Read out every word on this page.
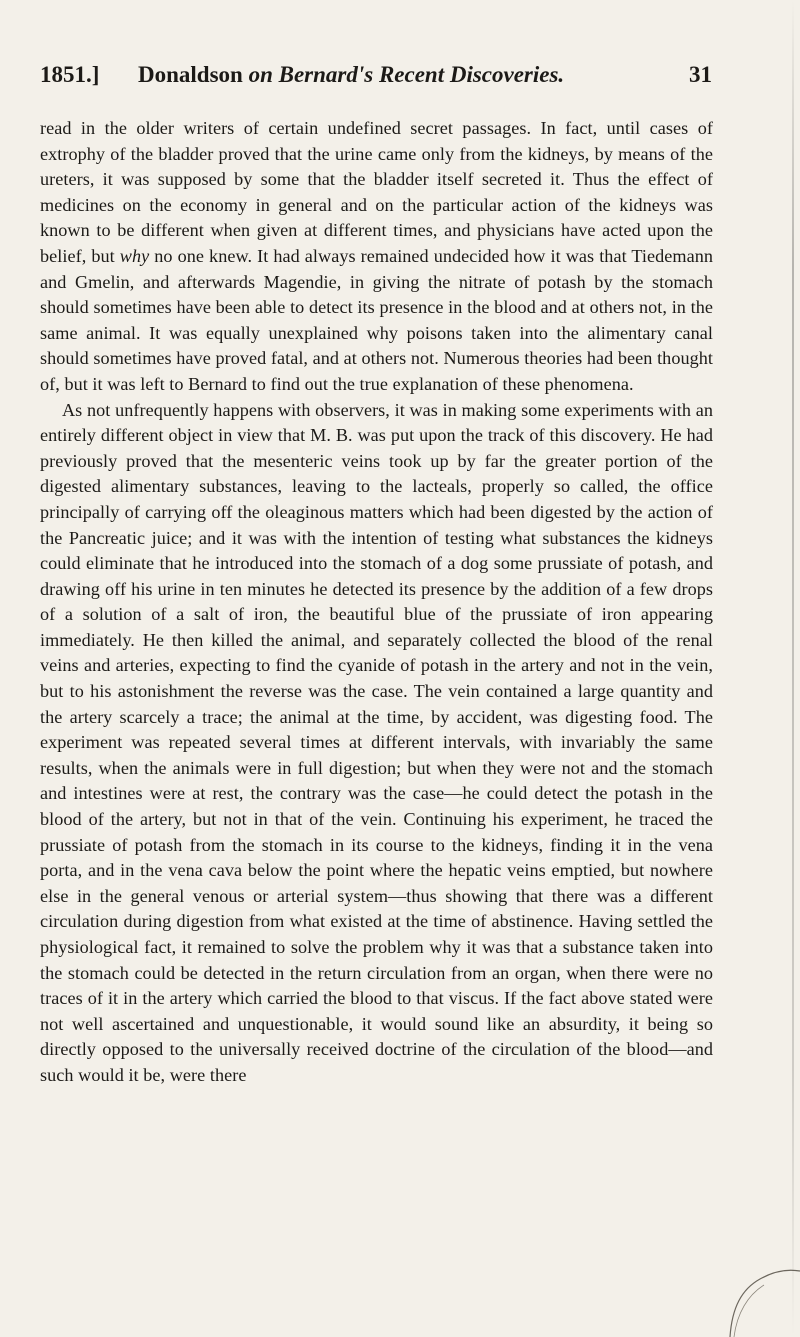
1851.] Donaldson on Bernard's Recent Discoveries.	31

read in the older writers of certain undefined secret passages. In fact, until cases of extrophy of the bladder proved that the urine came only from the kidneys, by means of the ureters, it was supposed by some that the bladder itself secreted it. Thus the effect of medicines on the economy in general and on the particular action of the kidneys was known to be different when given at different times, and physicians have acted upon the belief, but why no one knew. It had always remained undecided how it was that Tiedemann and Gmelin, and afterwards Magendie, in giving the nitrate of potash by the stomach should sometimes have been able to detect its presence in the blood and at others not, in the same animal. It was equally unexplained why poisons taken into the alimentary canal should sometimes have proved fatal, and at others not. Numerous theories had been thought of, but it was left to Bernard to find out the true explanation of these phenomena.

As not unfrequently happens with observers, it was in making some experiments with an entirely different object in view that M. B. was put upon the track of this discovery. He had previously proved that the mesenteric veins took up by far the greater portion of the digested alimentary substances, leaving to the lacteals, properly so called, the office principally of carrying off the oleaginous matters which had been digested by the action of the Pancreatic juice; and it was with the intention of testing what substances the kidneys could eliminate that he introduced into the stomach of a dog some prussiate of potash, and drawing off his urine in ten minutes he detected its presence by the addition of a few drops of a solution of a salt of iron, the beautiful blue of the prussiate of iron appearing immediately. He then killed the animal, and separately collected the blood of the renal veins and arteries, expecting to find the cyanide of potash in the artery and not in the vein, but to his astonishment the reverse was the case. The vein contained a large quantity and the artery scarcely a trace; the animal at the time, by accident, was digesting food. The experiment was repeated several times at different intervals, with invariably the same results, when the animals were in full digestion; but when they were not and the stomach and intestines were at rest, the contrary was the case—he could detect the potash in the blood of the artery, but not in that of the vein. Continuing his experiment, he traced the prussiate of potash from the stomach in its course to the kidneys, finding it in the vena porta, and in the vena cava below the point where the hepatic veins emptied, but nowhere else in the general venous or arterial system—thus showing that there was a different circulation during digestion from what existed at the time of abstinence. Having settled the physiological fact, it remained to solve the problem why it was that a substance taken into the stomach could be detected in the return circulation from an organ, when there were no traces of it in the artery which carried the blood to that viscus. If the fact above stated were not well ascertained and unquestionable, it would sound like an absurdity, it being so directly opposed to the universally received doctrine of the circulation of the blood—and such would it be, were there
